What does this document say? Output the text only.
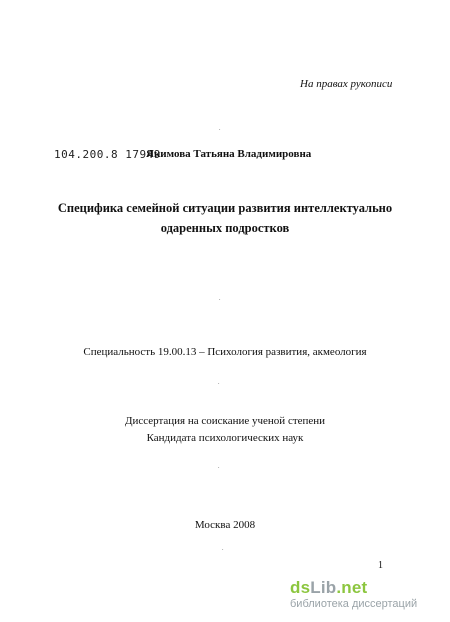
На правах рукописи
.
104.200.8 17949
Якимова Татьяна Владимировна
Специфика семейной ситуации развития интеллектуально
одаренных подростков
.
Специальность 19.00.13 – Психология развития, акмеология
.
Диссертация на соискание ученой степени
Кандидата психологических наук
.
Москва 2008
.
1
dsLib.net
библиотека диссертаций
